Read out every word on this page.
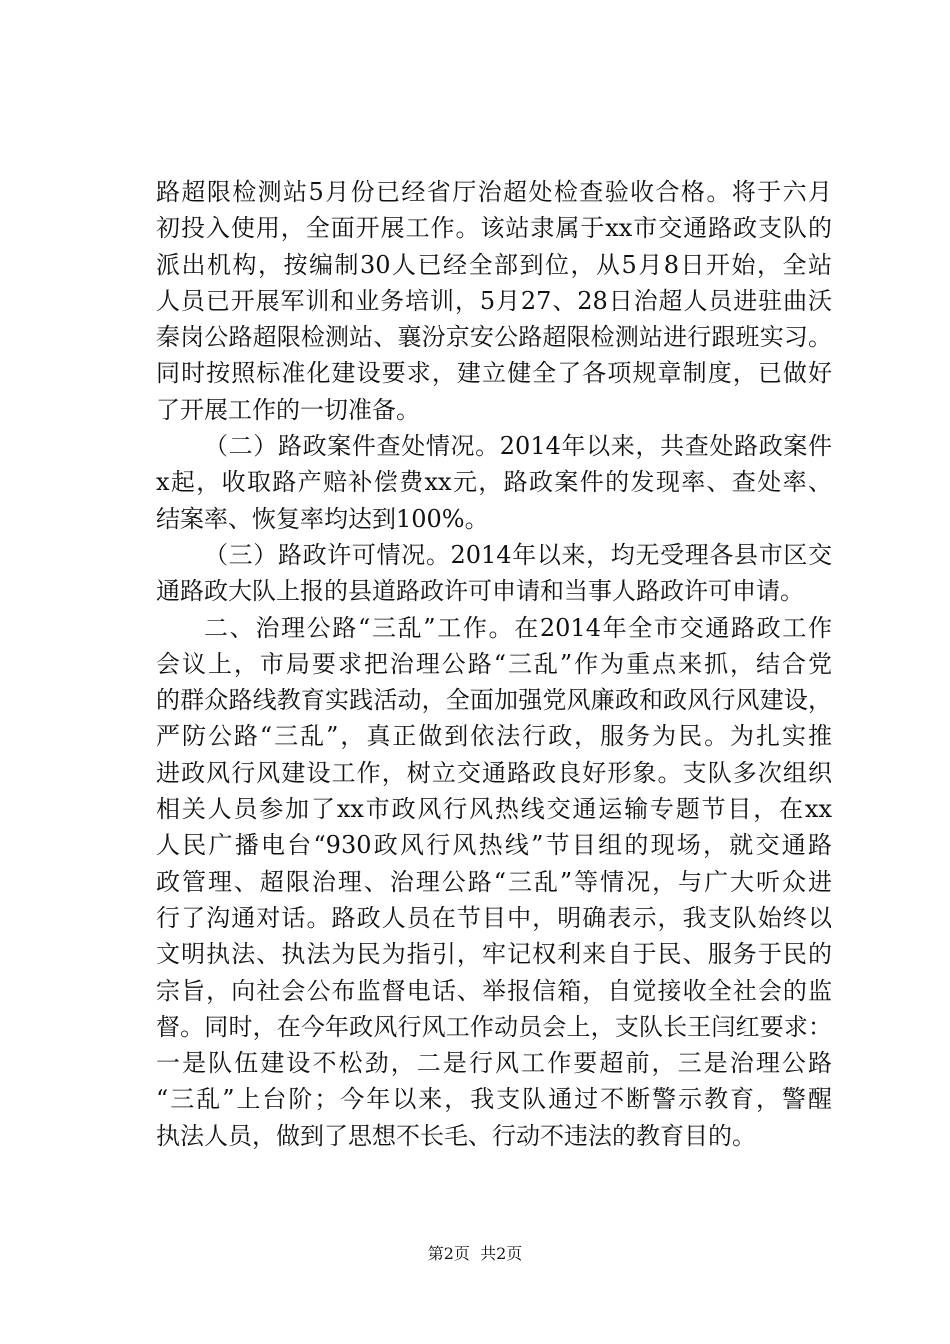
路超限检测站5月份已经省厅治超处检查验收合格。将于六月
初投入使用，全面开展工作。该站隶属于xx市交通路政支队的
派出机构，按编制30人已经全部到位，从5月8日开始，全站
人员已开展军训和业务培训，5月27、28日治超人员进驻曲沃
秦岗公路超限检测站、襄汾京安公路超限检测站进行跟班实习。
同时按照标准化建设要求，建立健全了各项规章制度，已做好
了开展工作的一切准备。
（二）路政案件查处情况。2014年以来，共查处路政案件
x起，收取路产赔补偿费xx元，路政案件的发现率、查处率、
结案率、恢复率均达到100%。
（三）路政许可情况。2014年以来，均无受理各县市区交
通路政大队上报的县道路政许可申请和当事人路政许可申请。
二、治理公路“三乱”工作。在2014年全市交通路政工作
会议上，市局要求把治理公路“三乱”作为重点来抓，结合党
的群众路线教育实践活动，全面加强党风廉政和政风行风建设，
严防公路“三乱”，真正做到依法行政，服务为民。为扎实推
进政风行风建设工作，树立交通路政良好形象。支队多次组织
相关人员参加了xx市政风行风热线交通运输专题节目，在xx
人民广播电台“930政风行风热线”节目组的现场，就交通路
政管理、超限治理、治理公路“三乱”等情况，与广大听众进
行了沟通对话。路政人员在节目中，明确表示，我支队始终以
文明执法、执法为民为指引，牢记权利来自于民、服务于民的
宗旨，向社会公布监督电话、举报信箱，自觉接收全社会的监
督。同时，在今年政风行风工作动员会上，支队长王闫红要求：
一是队伍建设不松劲，二是行风工作要超前，三是治理公路
“三乱”上台阶；今年以来，我支队通过不断警示教育，警醒
执法人员，做到了思想不长毛、行动不违法的教育目的。
第2页  共2页
